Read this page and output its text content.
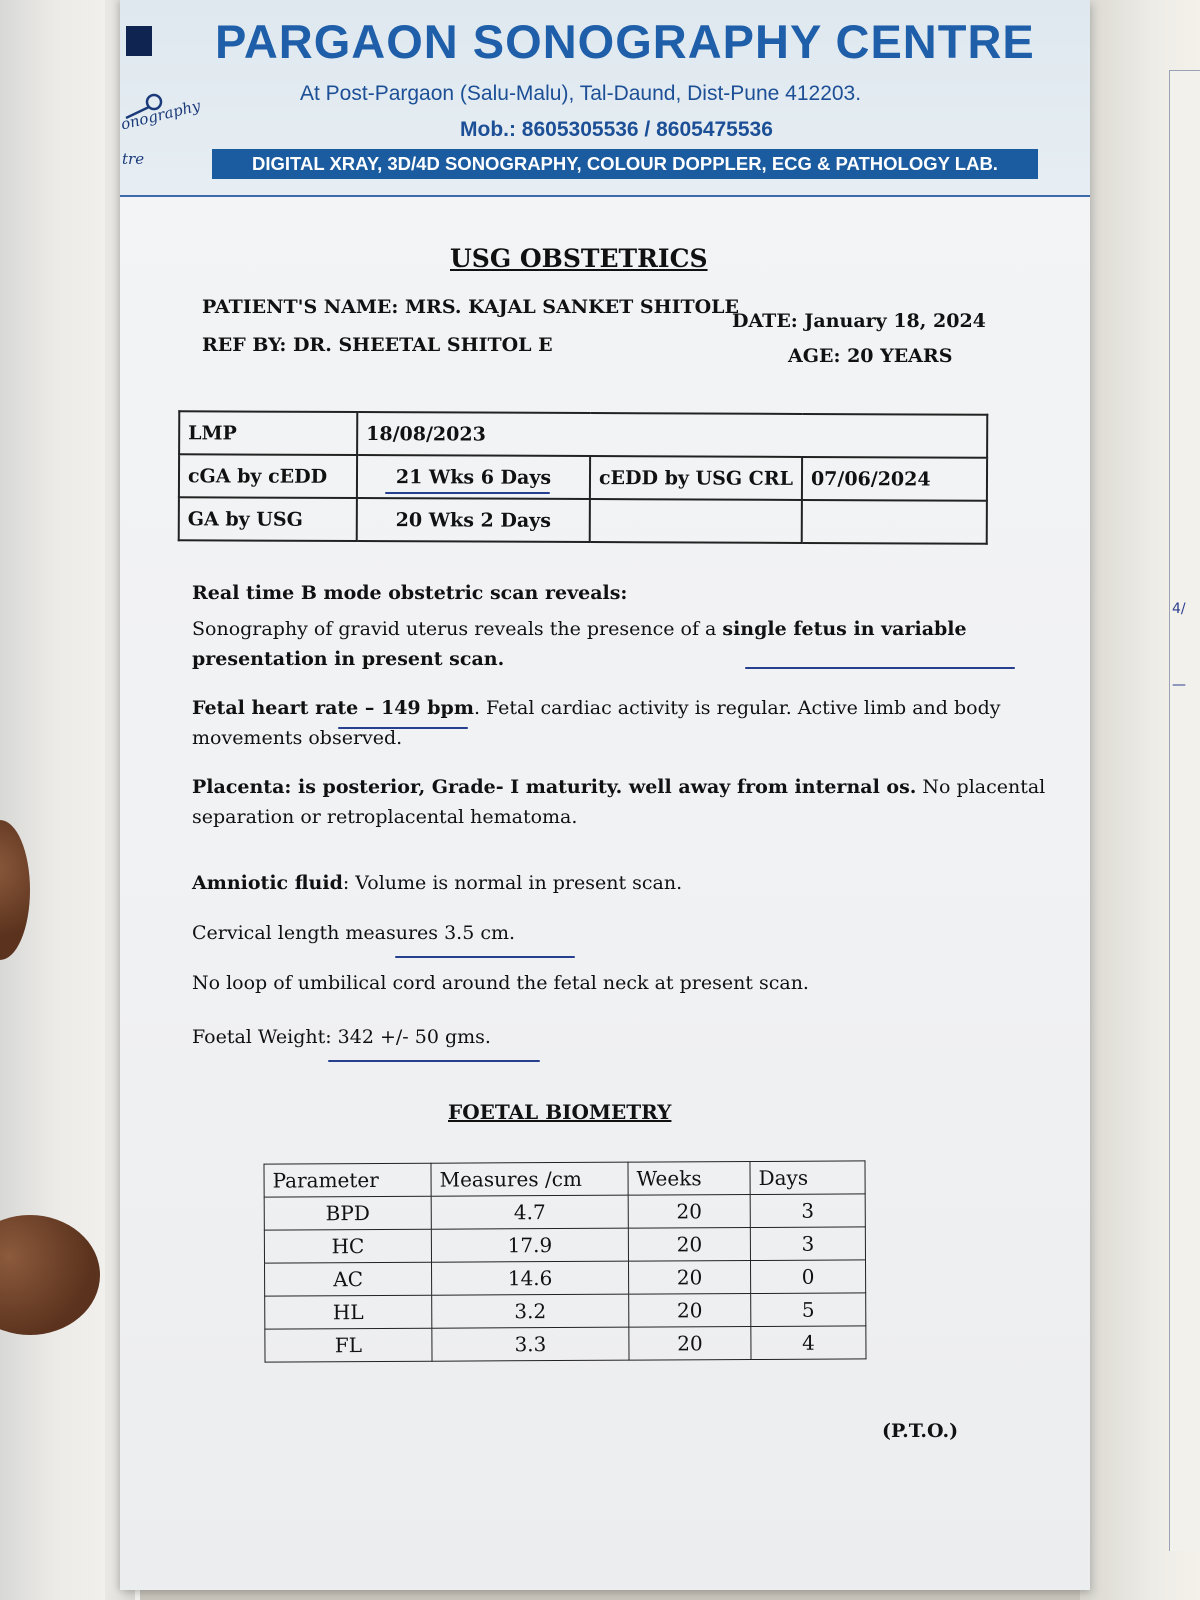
4/
—
onography
tre
PARGAON SONOGRAPHY CENTRE
At Post-Pargaon (Salu-Malu), Tal-Daund, Dist-Pune 412203.
Mob.: 8605305536 / 8605475536
DIGITAL XRAY, 3D/4D SONOGRAPHY, COLOUR DOPPLER, ECG & PATHOLOGY LAB.
USG OBSTETRICS
PATIENT'S NAME: MRS. KAJAL SANKET SHITOLE
DATE: January 18, 2024
REF BY: DR. SHEETAL SHITOL E	AGE: 20 YEARS
LMP	18/08/2023		
cGA by cEDD	21 Wks 6 Days	cEDD by USG CRL	07/06/2024
GA by USG	20 Wks 2 Days		
Real time B mode obstetric scan reveals:
Sonography of gravid uterus reveals the presence of a single fetus in variable presentation in present scan.
Fetal heart rate – 149 bpm. Fetal cardiac activity is regular. Active limb and body movements observed.
Placenta: is posterior, Grade- I maturity. well away from internal os. No placental separation or retroplacental hematoma.
Amniotic fluid: Volume is normal in present scan.
Cervical length measures 3.5 cm.
No loop of umbilical cord around the fetal neck at present scan.
Foetal Weight: 342 +/- 50 gms.
FOETAL BIOMETRY
Parameter	Measures /cm	Weeks	Days
BPD	4.7	20	3
HC	17.9	20	3
AC	14.6	20	0
HL	3.2	20	5
FL	3.3	20	4
(P.T.O.)
